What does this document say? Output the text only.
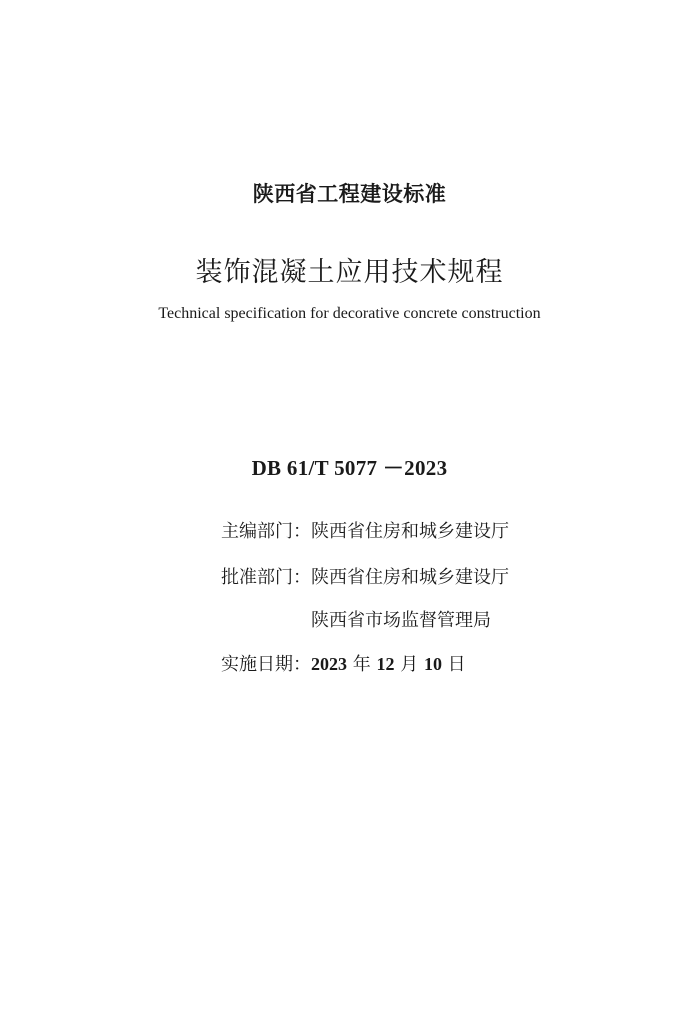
陕西省工程建设标准
装饰混凝土应用技术规程
Technical specification for decorative concrete construction
DB 61/T 5077 －2023
主编部门： 陕西省住房和城乡建设厅
批准部门： 陕西省住房和城乡建设厅
陕西省市场监督管理局
实施日期： 2023 年 12 月 10 日
